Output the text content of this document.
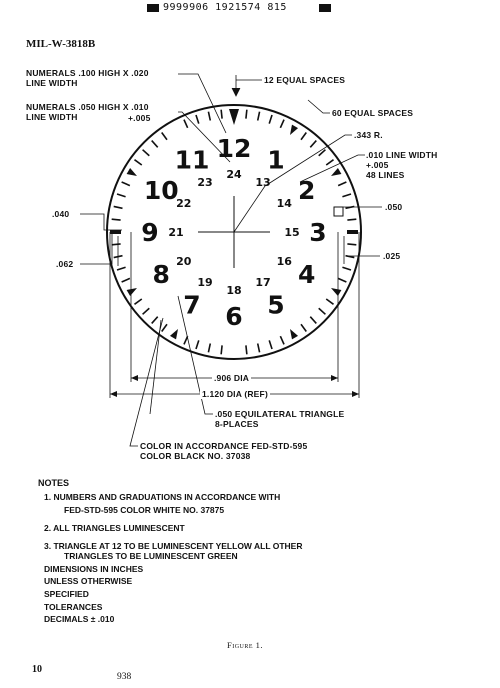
9999906 1921574 815
MIL-W-3818B
12 1
2
3
4
5
6
7
8
9
10
11
24
13
14
15
16
17
18
19
20
21
22
23
NUMERALS .100 HIGH X .020
LINE WIDTH
NUMERALS .050 HIGH X .010
LINE WIDTH	+.005
12 EQUAL SPACES
60 EQUAL SPACES
.343 R.
.010 LINE WIDTH
+.005
48 LINES
.040
.050
.062
.025
.906 DIA
1.120 DIA (REF)
.050 EQUILATERAL TRIANGLE
8-PLACES
COLOR IN ACCORDANCE FED-STD-595
COLOR BLACK NO. 37038
NOTES
1. NUMBERS AND GRADUATIONS IN ACCORDANCE WITH
FED-STD-595 COLOR WHITE NO. 37875
2. ALL TRIANGLES LUMINESCENT
3. TRIANGLE AT 12 TO BE LUMINESCENT YELLOW ALL OTHER
TRIANGLES TO BE LUMINESCENT GREEN
DIMENSIONS IN INCHES
UNLESS OTHERWISE
SPECIFIED
TOLERANCES
DECIMALS ± .010
Figure 1.
10
938
